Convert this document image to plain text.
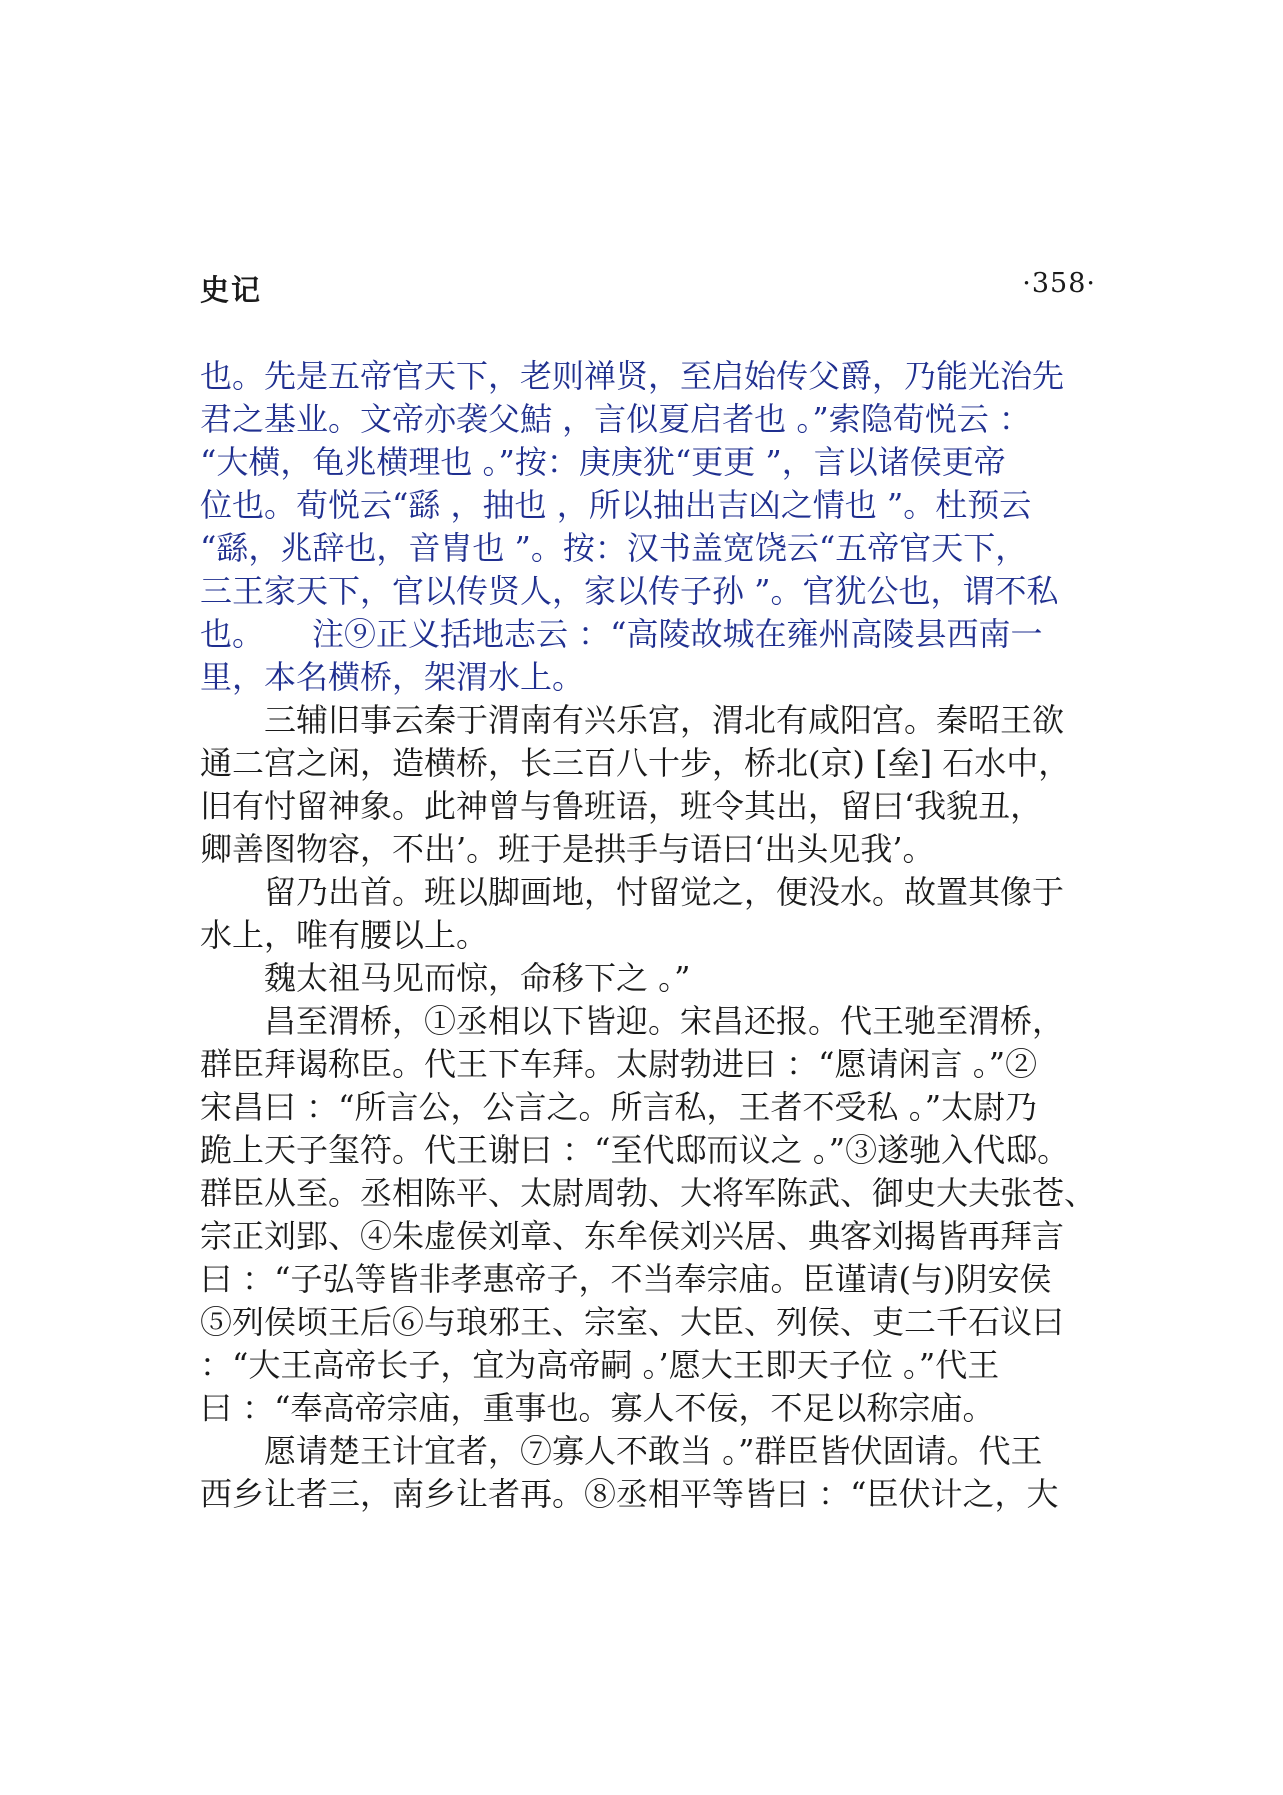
史记	·358·
也。先是五帝官天下，老则禅贤，至启始传父爵，乃能光治先
君之基业。文帝亦袭父鮚 ，言似夏启者也 。”索隐荀悦云 ：
“大横，龟兆横理也 。”按：庚庚犹“更更 ”，言以诸侯更帝
位也。荀悦云“繇 ，抽也 ，所以抽出吉凶之情也 ”。杜预云
“繇，兆辞也，音胄也 ”。按：汉书盖宽饶云“五帝官天下，
三王家天下，官以传贤人，家以传子孙 ”。官犹公也，谓不私
也。　　注⑨正义括地志云 ：“高陵故城在雍州高陵县西南一
里，本名横桥，架渭水上。
三辅旧事云秦于渭南有兴乐宫，渭北有咸阳宫。秦昭王欲
通二宫之闲，造横桥，长三百八十步，桥北(京) [垒] 石水中，
旧有忖留神象。此神曾与鲁班语，班令其出，留曰‘我貌丑，
卿善图物容，不出’。班于是拱手与语曰‘出头见我’。
留乃出首。班以脚画地，忖留觉之，便没水。故置其像于
水上，唯有腰以上。
魏太祖马见而惊，命移下之 。”
昌至渭桥，①丞相以下皆迎。宋昌还报。代王驰至渭桥，
群臣拜谒称臣。代王下车拜。太尉勃进曰 ：“愿请闲言 。”②
宋昌曰 ：“所言公，公言之。所言私，王者不受私 。”太尉乃
跪上天子玺符。代王谢曰 ：“至代邸而议之 。”③遂驰入代邸。
群臣从至。丞相陈平、太尉周勃、大将军陈武、御史大夫张苍、
宗正刘郢、④朱虚侯刘章、东牟侯刘兴居、典客刘揭皆再拜言
曰 ：“子弘等皆非孝惠帝子，不当奉宗庙。臣谨请(与)阴安侯
⑤列侯顷王后⑥与琅邪王、宗室、大臣、列侯、吏二千石议曰
：“大王高帝长子，宜为高帝嗣 。’愿大王即天子位 。”代王
曰 ：“奉高帝宗庙，重事也。寡人不佞，不足以称宗庙。
愿请楚王计宜者，⑦寡人不敢当 。”群臣皆伏固请。代王
西乡让者三，南乡让者再。⑧丞相平等皆曰 ：“臣伏计之，大
